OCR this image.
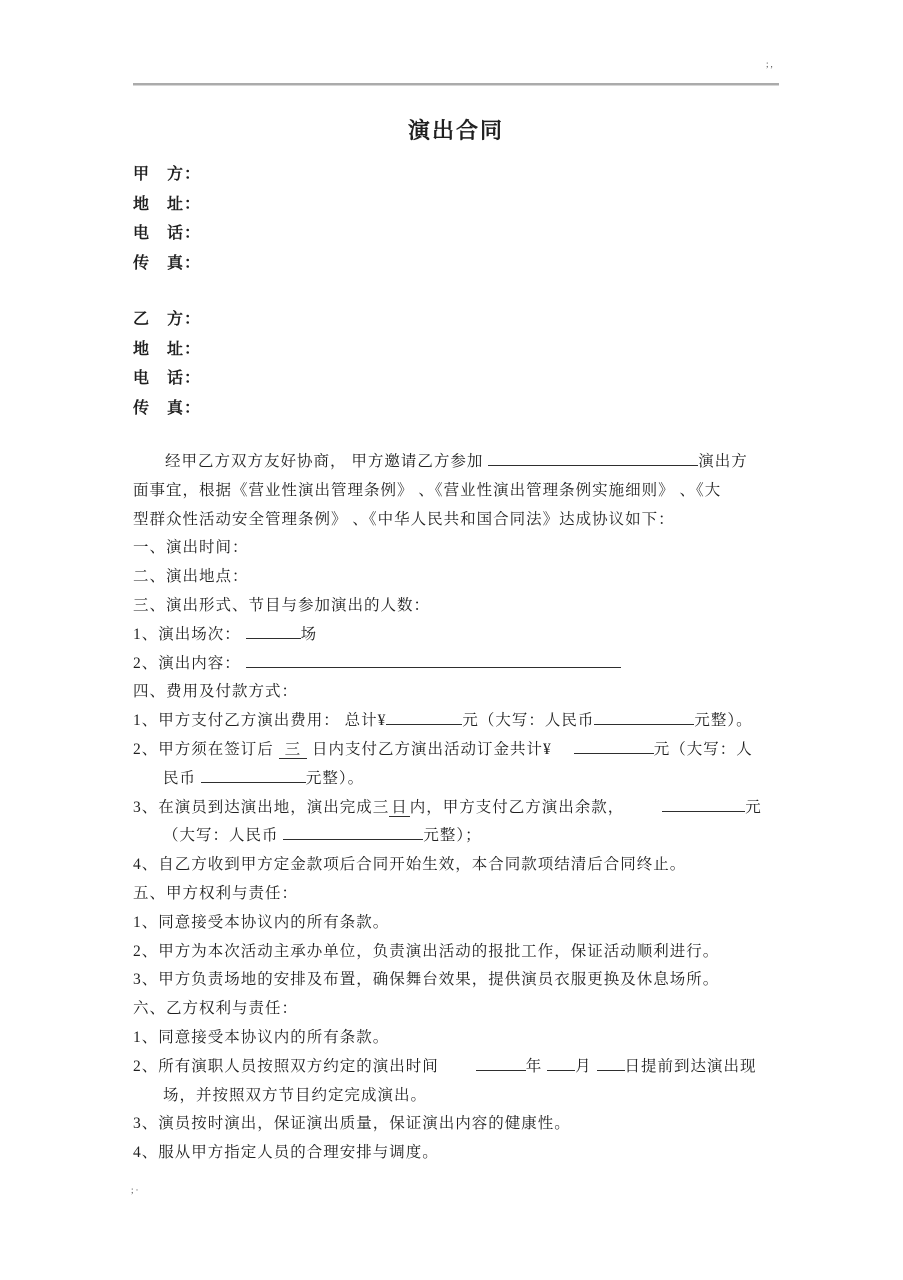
;,
演出合同
甲　方：
地　址：
电　话：
传　真：
乙　方：
地　址：
电　话：
传　真：
经甲乙方双方友好协商， 甲方邀请乙方参加	演出方
面事宜，根据《营业性演出管理条例》 、《营业性演出管理条例实施细则》 、《大
型群众性活动安全管理条例》 、《中华人民共和国合同法》达成协议如下：
一、演出时间：
二、演出地点：
三、演出形式、节目与参加演出的人数：
1、演出场次：	场
2、演出内容：
四、费用及付款方式：
1、甲方支付乙方演出费用： 总计¥	元（大写：人民币	元整）。
2、甲方须在签订后 三 日内支付乙方演出活动订金共计¥	元（大写：人
民币	元整）。
3、在演员到达演出地，演出完成三 日 内，甲方支付乙方演出余款，	元
（大写：人民币	元整）；
4、自乙方收到甲方定金款项后合同开始生效，本合同款项结清后合同终止。
五、甲方权利与责任：
1、同意接受本协议内的所有条款。
2、甲方为本次活动主承办单位，负责演出活动的报批工作，保证活动顺利进行。
3、甲方负责场地的安排及布置，确保舞台效果，提供演员衣服更换及休息场所。
六、乙方权利与责任：
1、同意接受本协议内的所有条款。
2、所有演职人员按照双方约定的演出时间	年 月 日提前到达演出现
场，并按照双方节目约定完成演出。
3、演员按时演出，保证演出质量，保证演出内容的健康性。
4、服从甲方指定人员的合理安排与调度。
;·
